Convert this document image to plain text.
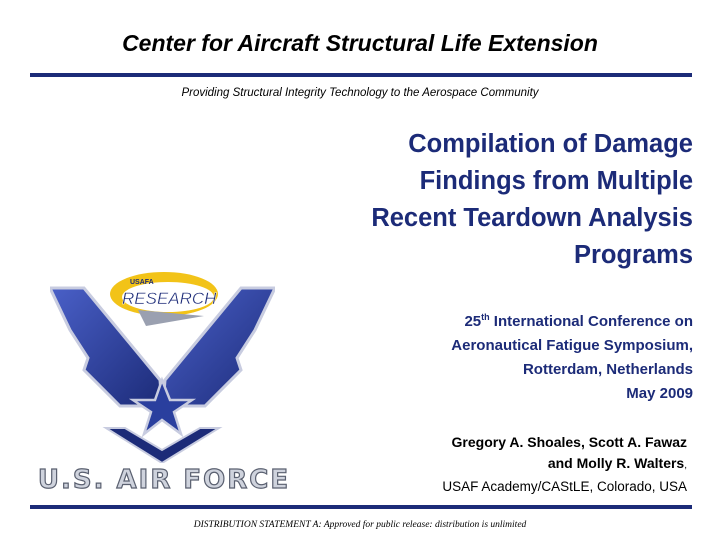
Center for Aircraft Structural Life Extension
Providing Structural Integrity Technology to the Aerospace Community
USAFA
RESEARCH
U.S. AIR FORCE
Compilation of Damage
Findings from Multiple
Recent Teardown Analysis
Programs
25th International Conference on
Aeronautical Fatigue Symposium,
Rotterdam, Netherlands
May 2009
Gregory A. Shoales, Scott A. Fawaz
and Molly R. Walters,
USAF Academy/CAStLE, Colorado, USA
DISTRIBUTION STATEMENT A: Approved for public release: distribution is unlimited
